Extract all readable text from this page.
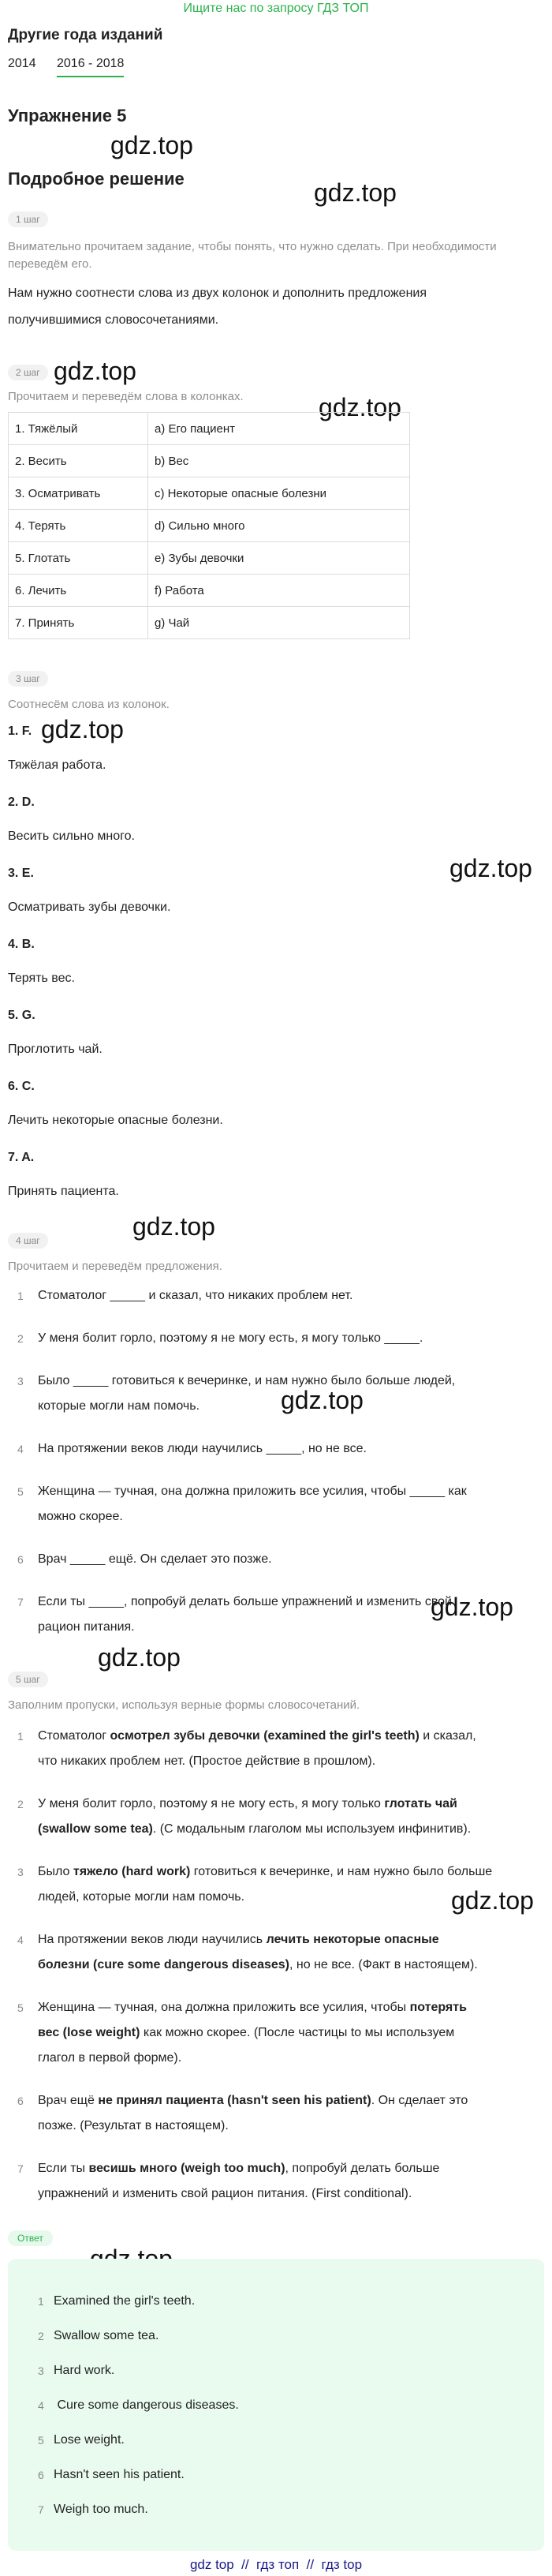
Ищите нас по запросу ГДЗ ТОП
Другие года изданий
2014 2016 - 2018
Упражнение 5
Подробное решение
gdz.top
gdz.top
gdz.top
gdz.top
gdz.top
gdz.top
gdz.top
gdz.top
gdz.top
gdz.top
gdz.top
1 шаг
Внимательно прочитаем задание, чтобы понять, что нужно сделать. При необходимости переведём его.
Нам нужно соотнести слова из двух колонок и дополнить предложения
получившимися словосочетаниями.
2 шаг
Прочитаем и переведём слова в колонках.
1. Тяжёлый	a) Его пациент
2. Весить	b) Вес
3. Осматривать	c) Некоторые опасные болезни
4. Терять	d) Сильно много
5. Глотать	e) Зубы девочки
6. Лечить	f) Работа
7. Принять	g) Чай
3 шаг
Соотнесём слова из колонок.
1. F.
Тяжёлая работа.
2. D.
Весить сильно много.
3. E.
Осматривать зубы девочки.
4. B.
Терять вес.
5. G.
Проглотить чай.
6. C.
Лечить некоторые опасные болезни.
7. A.
Принять пациента.
4 шаг
Прочитаем и переведём предложения.
1 Стоматолог _____ и сказал, что никаких проблем нет.
2 У меня болит горло, поэтому я не могу есть, я могу только _____.
3 Было _____ готовиться к вечеринке, и нам нужно было больше людей,
которые могли нам помочь.
4 На протяжении веков люди научились _____, но не все.
5 Женщина — тучная, она должна приложить все усилия, чтобы _____ как
можно скорее.
6 Врач _____ ещё. Он сделает это позже.
7 Если ты _____, попробуй делать больше упражнений и изменить свой
рацион питания.
5 шаг
Заполним пропуски, используя верные формы словосочетаний.
1 Стоматолог осмотрел зубы девочки (examined the girl's teeth) и сказал,
что никаких проблем нет. (Простое действие в прошлом).
2 У меня болит горло, поэтому я не могу есть, я могу только глотать чай
(swallow some tea). (С модальным глаголом мы используем инфинитив).
3 Было тяжело (hard work) готовиться к вечеринке, и нам нужно было больше
людей, которые могли нам помочь.
4 На протяжении веков люди научились лечить некоторые опасные
болезни (cure some dangerous diseases), но не все. (Факт в настоящем).
5 Женщина — тучная, она должна приложить все усилия, чтобы потерять
вес (lose weight) как можно скорее. (После частицы to мы используем
глагол в первой форме).
6 Врач ещё не принял пациента (hasn't seen his patient). Он сделает это
позже. (Результат в настоящем).
7 Если ты весишь много (weigh too much), попробуй делать больше
упражнений и изменить свой рацион питания. (First conditional).
Ответ
1 Examined the girl's teeth.
2 Swallow some tea.
3 Hard work.
4 Cure some dangerous diseases.
5 Lose weight.
6 Hasn't seen his patient.
7 Weigh too much.
gdz top  //  гдз топ  //  гдз top
